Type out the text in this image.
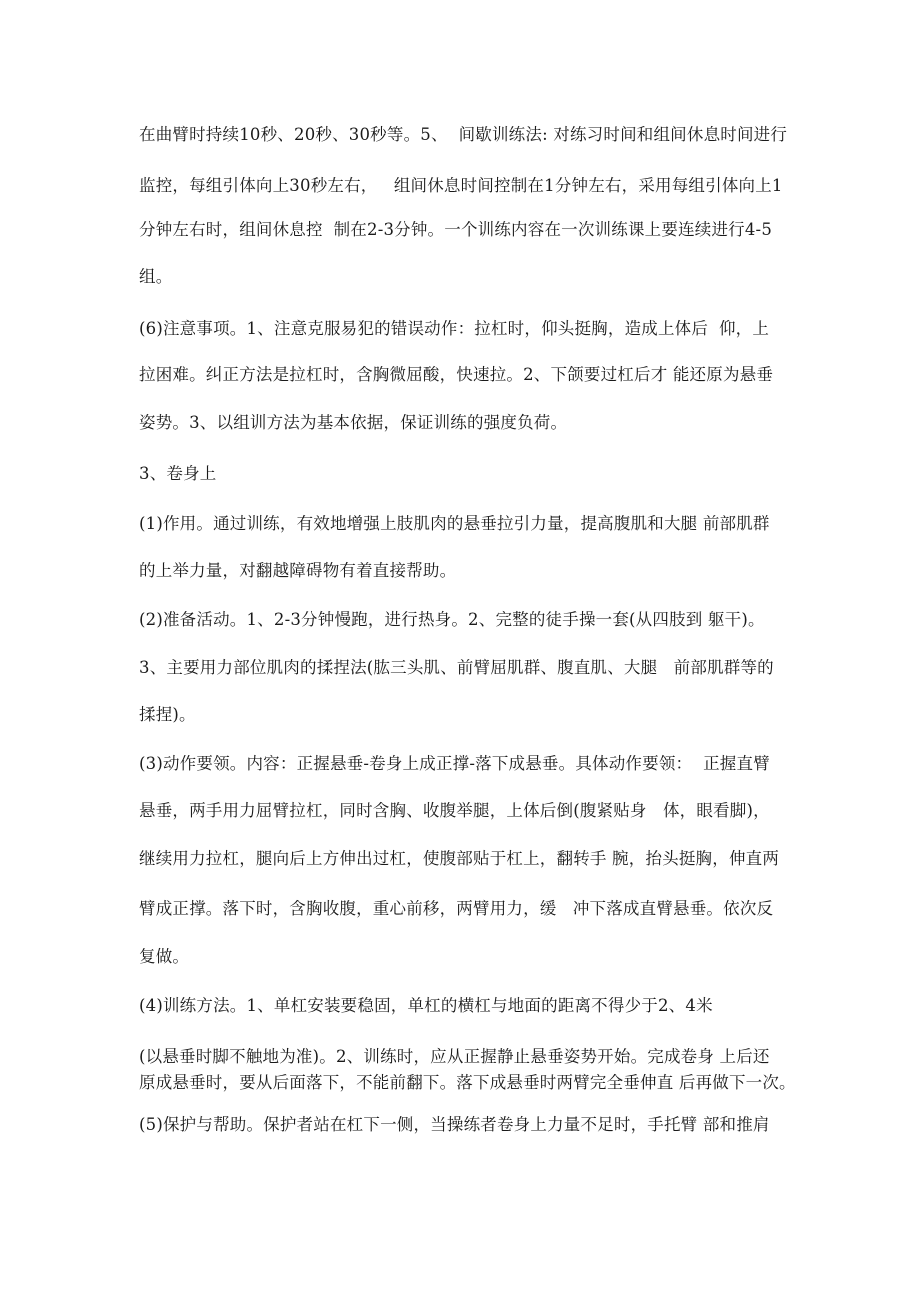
在曲臂时持续10秒、20秒、30秒等。5、  间歇训练法: 对练习时间和组间休息时间进行

监控，每组引体向上30秒左右，   组间休息时间控制在1分钟左右，采用每组引体向上1

分钟左右时，组间休息控  制在2-3分钟。一个训练内容在一次训练课上要连续进行4-5

组。

(6)注意事项。1、注意克服易犯的错误动作：拉杠时，仰头挺胸，造成上体后  仰，上

拉困难。纠正方法是拉杠时，含胸微屈酸，快速拉。2、下颌要过杠后才 能还原为悬垂

姿势。3、以组训方法为基本依据，保证训练的强度负荷。

3、卷身上

(1)作用。通过训练，有效地增强上肢肌肉的悬垂拉引力量，提高腹肌和大腿 前部肌群

的上举力量，对翻越障碍物有着直接帮助。

(2)准备活动。1、2-3分钟慢跑，进行热身。2、完整的徒手操一套(从四肢到 躯干)。

3、主要用力部位肌肉的揉捏法(肱三头肌、前臂屈肌群、腹直肌、大腿   前部肌群等的

揉捏)。

(3)动作要领。内容：正握悬垂-卷身上成正撑-落下成悬垂。具体动作要领：  正握直臂

悬垂，两手用力屈臂拉杠，同时含胸、收腹举腿，上体后倒(腹紧贴身   体，眼看脚)，

继续用力拉杠，腿向后上方伸出过杠，使腹部贴于杠上，翻转手 腕，抬头挺胸，伸直两

臂成正撑。落下时，含胸收腹，重心前移，两臂用力，缓   冲下落成直臂悬垂。依次反

复做。

(4)训练方法。1、单杠安装要稳固，单杠的横杠与地面的距离不得少于2、4米

(以悬垂时脚不触地为准)。2、训练时，应从正握静止悬垂姿势开始。完成卷身 上后还

原成悬垂时，要从后面落下，不能前翻下。落下成悬垂时两臂完全垂伸直 后再做下一次。

(5)保护与帮助。保护者站在杠下一侧，当操练者卷身上力量不足时，手托臂 部和推肩
